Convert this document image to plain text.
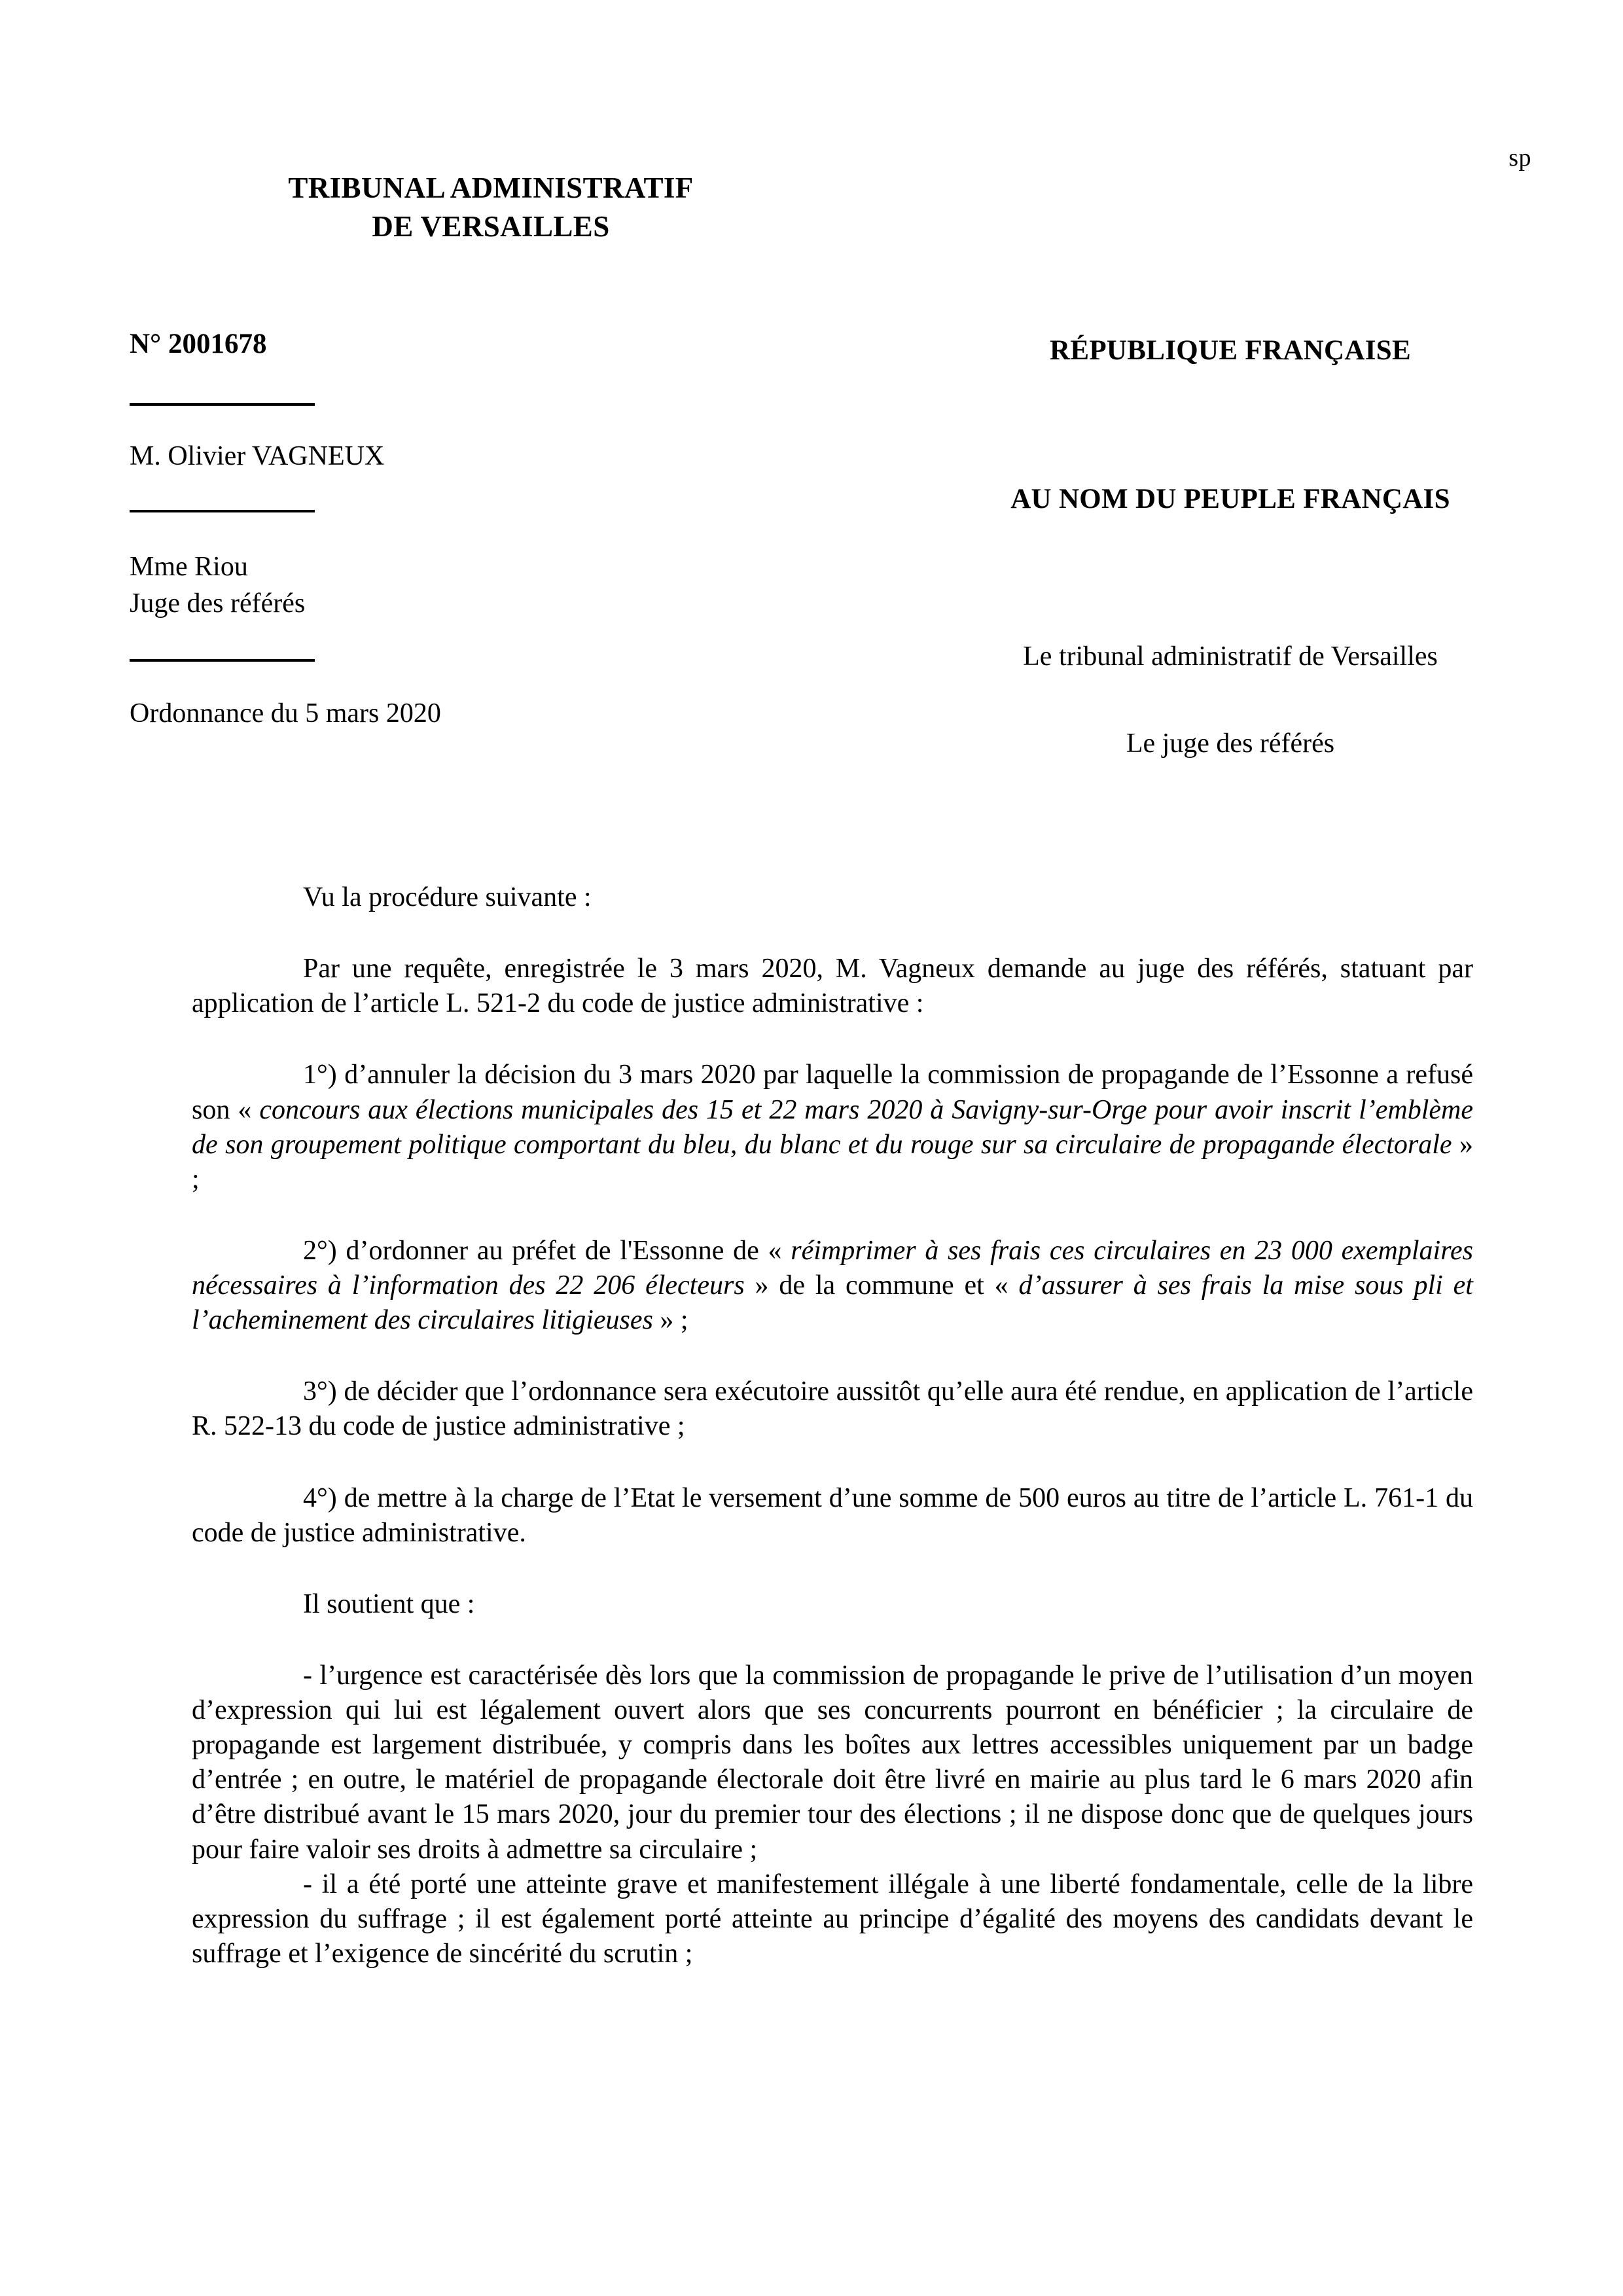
sp
TRIBUNAL ADMINISTRATIF
DE VERSAILLES

N° 2001678

M. Olivier VAGNEUX

Mme Riou

Juge des référés

Ordonnance du 5 mars 2020

RÉPUBLIQUE FRANÇAISE

AU NOM DU PEUPLE FRANÇAIS

Le tribunal administratif de Versailles

Le juge des référés

Vu la procédure suivante :

Par une requête, enregistrée le 3 mars 2020, M. Vagneux demande au juge des référés, statuant par application de l’article L. 521-2 du code de justice administrative :

1°) d’annuler la décision du 3 mars 2020 par laquelle la commission de propagande de l’Essonne a refusé son « concours aux élections municipales des 15 et 22 mars 2020 à Savigny-sur-Orge pour avoir inscrit l’emblème de son groupement politique comportant du bleu, du blanc et du rouge sur sa circulaire de propagande électorale » ;

2°) d’ordonner au préfet de l'Essonne de « réimprimer à ses frais ces circulaires en 23 000 exemplaires nécessaires à l’information des 22 206 électeurs » de la commune et « d’assurer à ses frais la mise sous pli et l’acheminement des circulaires litigieuses » ;

3°) de décider que l’ordonnance sera exécutoire aussitôt qu’elle aura été rendue, en application de l’article R. 522-13 du code de justice administrative ;

4°) de mettre à la charge de l’Etat le versement d’une somme de 500 euros au titre de l’article L. 761-1 du code de justice administrative.

Il soutient que :

- l’urgence est caractérisée dès lors que la commission de propagande le prive de l’utilisation d’un moyen d’expression qui lui est légalement ouvert alors que ses concurrents pourront en bénéficier ; la circulaire de propagande est largement distribuée, y compris dans les boîtes aux lettres accessibles uniquement par un badge d’entrée ; en outre, le matériel de propagande électorale doit être livré en mairie au plus tard le 6 mars 2020 afin d’être distribué avant le 15 mars 2020, jour du premier tour des élections ; il ne dispose donc que de quelques jours pour faire valoir ses droits à admettre sa circulaire ;

- il a été porté une atteinte grave et manifestement illégale à une liberté fondamentale, celle de la libre expression du suffrage ; il est également porté atteinte au principe d’égalité des moyens des candidats devant le suffrage et l’exigence de sincérité du scrutin ;
